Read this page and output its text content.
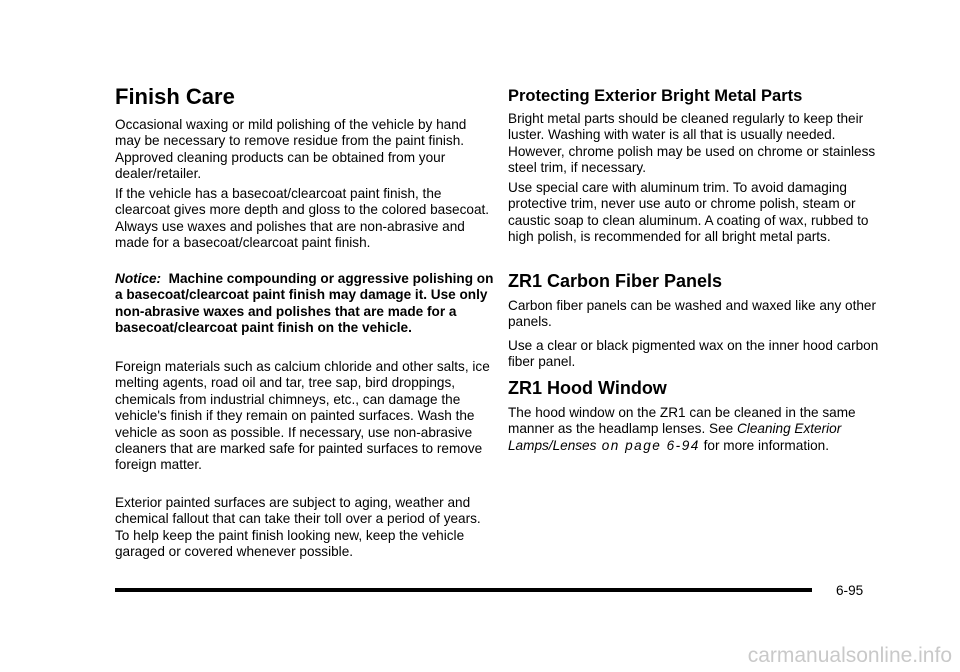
Finish Care

Occasional waxing or mild polishing of the vehicle by hand may be necessary to remove residue from the paint finish. Approved cleaning products can be obtained from your dealer/retailer.

If the vehicle has a basecoat/clearcoat paint finish, the clearcoat gives more depth and gloss to the colored basecoat. Always use waxes and polishes that are non-abrasive and made for a basecoat/clearcoat paint finish.

Notice: Machine compounding or aggressive polishing on a basecoat/clearcoat paint finish may damage it. Use only non-abrasive waxes and polishes that are made for a basecoat/clearcoat paint finish on the vehicle.

Foreign materials such as calcium chloride and other salts, ice melting agents, road oil and tar, tree sap, bird droppings, chemicals from industrial chimneys, etc., can damage the vehicle's finish if they remain on painted surfaces. Wash the vehicle as soon as possible. If necessary, use non-abrasive cleaners that are marked safe for painted surfaces to remove foreign matter.

Exterior painted surfaces are subject to aging, weather and chemical fallout that can take their toll over a period of years. To help keep the paint finish looking new, keep the vehicle garaged or covered whenever possible.

Protecting Exterior Bright Metal Parts

Bright metal parts should be cleaned regularly to keep their luster. Washing with water is all that is usually needed. However, chrome polish may be used on chrome or stainless steel trim, if necessary.

Use special care with aluminum trim. To avoid damaging protective trim, never use auto or chrome polish, steam or caustic soap to clean aluminum. A coating of wax, rubbed to high polish, is recommended for all bright metal parts.

ZR1 Carbon Fiber Panels

Carbon fiber panels can be washed and waxed like any other panels.

Use a clear or black pigmented wax on the inner hood carbon fiber panel.

ZR1 Hood Window

The hood window on the ZR1 can be cleaned in the same manner as the headlamp lenses. See Cleaning Exterior Lamps/Lenses on page 6-94 for more information.

6-95
carmanualsonline.info
